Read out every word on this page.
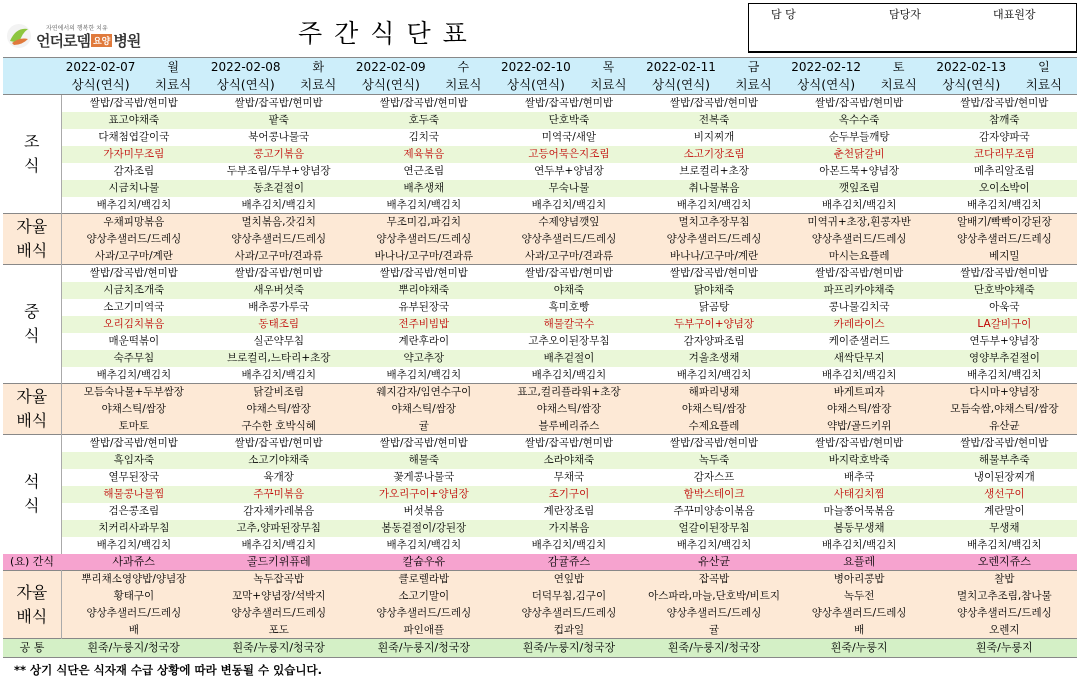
자연에서의 행복한 치유
언더로뎀 요양 병원	주간식단표
담 당	담당자	대표원장
	2022-02-07	월	2022-02-08	화	2022-02-09	수	2022-02-10	목	2022-02-11	금	2022-02-12	토	2022-02-13	일
	상식(연식)	치료식	상식(연식)	치료식	상식(연식)	치료식	상식(연식)	치료식	상식(연식)	치료식	상식(연식)	치료식	상식(연식)	치료식

조
식	쌀밥/잡곡밥/현미밥		쌀밥/잡곡밥/현미밥		쌀밥/잡곡밥/현미밥		쌀밥/잡곡밥/현미밥		쌀밥/잡곡밥/현미밥		쌀밥/잡곡밥/현미밥		쌀밥/잡곡밥/현미밥	
	표고야채죽		팥죽		호두죽		단호박죽		전복죽		옥수수죽		참깨죽	
	다채첨엽갈이국		북어콩나물국		김치국		미역국/새알		비지찌개		순두부들깨탕		감자양파국	
	가자미무조림		콩고기볶음		제육볶음		고등어묵은지조림		소고기장조림		춘천닭갈비		코다리무조림	
	감자조림		두부조림/두부+양념장		연근조림		연두부+양념장		브로컬리+초장		아몬드묵+양념장		메추리알조림	
	시금치나물		동초겉절이		배추생채		무숙나물		취나물볶음		깻잎조림		오이소박이	
	배추김치/백김치		배추김치/백김치		배추김치/백김치		배추김치/백김치		배추김치/백김치		배추김치/백김치		배추김치/백김치	

자율
배식	우채피망볶음		멸치볶음,갓김치		무조미김,파김치		수제양념깻잎		멸치고추장무침		미역귀+초장,흰콩자반		알배기/빡빡이강된장	
	양상추샐러드/드레싱		양상추샐러드/드레싱		양상추샐러드/드레싱		양상추샐러드/드레싱		양상추샐러드/드레싱		양상추샐러드/드레싱		양상추샐러드/드레싱	
	사과/고구마/계란		사과/고구마/견과류		바나나/고구마/견과류		사과/고구마/견과류		바나나/고구마/계란		마시는요플레		베지밀	

중
식	쌀밥/잡곡밥/현미밥		쌀밥/잡곡밥/현미밥		쌀밥/잡곡밥/현미밥		쌀밥/잡곡밥/현미밥		쌀밥/잡곡밥/현미밥		쌀밥/잡곡밥/현미밥		쌀밥/잡곡밥/현미밥	
	시금치조개죽		새우버섯죽		뿌리야채죽		야채죽		닭야채죽		파프리카야채죽		단호박야채죽	
	소고기미역국		배추콩가루국		유부된장국		흑미호빵		닭곰탕		콩나물김치국		아욱국	
	오리김치볶음		동태조림		전주비빔밥		해물칼국수		두부구이+양념장		카레라이스		LA갈비구이	
	매운떡볶이		실곤약무침		계란후라이		고추오이된장무침		감자양파조림		케이준샐러드		연두부+양념장	
	숙주무침		브로컬리,느타리+초장		약고추장		배추겉절이		겨울초생채		새싹단무지		영양부추겉절이	
	배추김치/백김치		배추김치/백김치		배추김치/백김치		배추김치/백김치		배추김치/백김치		배추김치/백김치		배추김치/백김치	

자율
배식	모듬숙나물+두부쌈장		닭갈비조림		웨지감자/임연수구이		표고,컬리플라워+초장		해파리냉채		바게트피자		다시마+양념장	
	야채스틱/쌈장		야채스틱/쌈장		야채스틱/쌈장		야채스틱/쌈장		야채스틱/쌈장		야채스틱/쌈장		모듬숙쌈,야채스틱/쌈장	
	토마토		구수한 호박식혜		귤		블루베리쥬스		수제요플레		약밥/골드키위		유산균	

석
식	쌀밥/잡곡밥/현미밥		쌀밥/잡곡밥/현미밥		쌀밥/잡곡밥/현미밥		쌀밥/잡곡밥/현미밥		쌀밥/잡곡밥/현미밥		쌀밥/잡곡밥/현미밥		쌀밥/잡곡밥/현미밥	
	흑임자죽		소고기야채죽		해물죽		소라야채죽		녹두죽		바지락호박죽		해물부추죽	
	열무된장국		육개장		꽃게콩나물국		무채국		감자스프		배추국		냉이된장찌개	
	해물콩나물찜		주꾸미볶음		가오리구이+양념장		조기구이		함박스테이크		사태김치찜		생선구이	
	검은콩조림		감자채카레볶음		버섯볶음		계란장조림		주꾸미양송이볶음		마늘쫑어묵볶음		계란말이	
	치커리사과무침		고추,양파된장무침		봄동겉절이/강된장		가지볶음		얼갈이된장무침		봄동무생채		무생채	
	배추김치/백김치		배추김치/백김치		배추김치/백김치		배추김치/백김치		배추김치/백김치		배추김치/백김치		배추김치/백김치	
(요) 간식	사과쥬스		골드키위퓨레		칼슘우유		감귤쥬스		유산균		요플레		오렌지쥬스	

자율
배식	뿌리채소영양밥/양념장		녹두잡곡밥		클로렐라밥		연잎밥		잡곡밥		병아리콩밥		찰밥	
	황태구이		꼬막+양념장/석박지		소고기말이		더덕무침,김구이		아스파라,마늘,단호박/비트지		녹두전		멸치고추조림,참나물	
	양상추샐러드/드레싱		양상추샐러드/드레싱		양상추샐러드/드레싱		양상추샐러드/드레싱		양상추샐러드/드레싱		양상추샐러드/드레싱		양상추샐러드/드레싱	
	배		포도		파인애플		컵과일		귤		배		오렌지	
공 통	흰죽/누룽지/청국장		흰죽/누룽지/청국장		흰죽/누룽지/청국장		흰죽/누룽지/청국장		흰죽/누룽지/청국장		흰죽/누룽지		흰죽/누룽지	
** 상기 식단은 식자재 수급 상황에 따라 변동될 수 있습니다.
